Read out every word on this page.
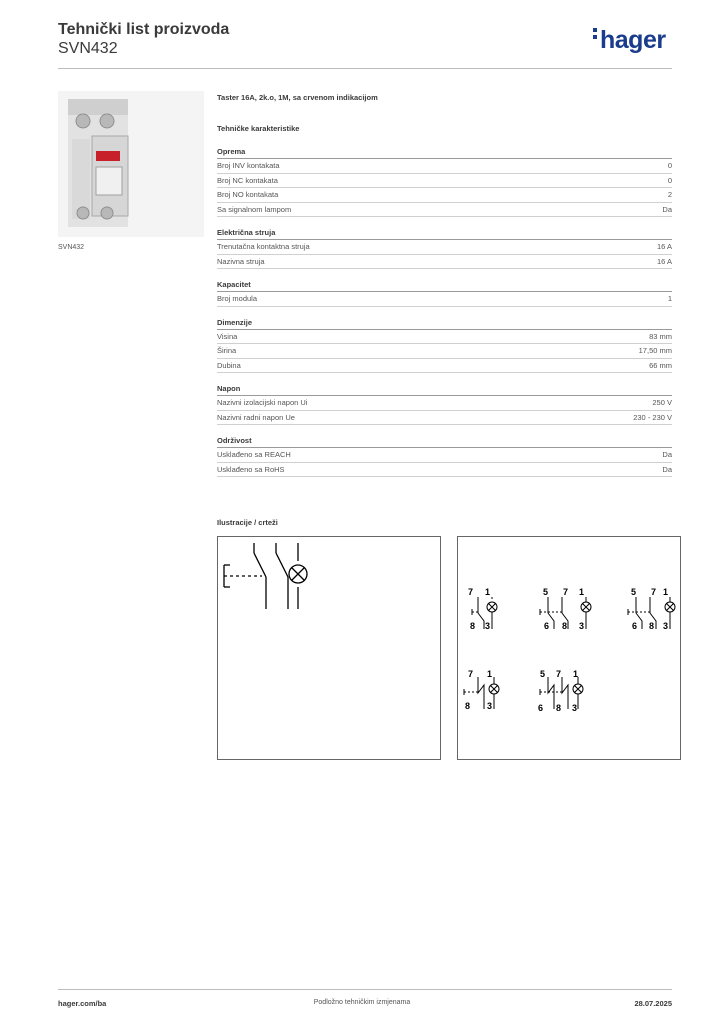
Tehnički list proizvoda
SVN432	hager
SVN432
Taster 16A, 2k.o, 1M, sa crvenom indikacijom
Tehničke karakteristike
Oprema
Broj INV kontakata	0
Broj NC kontakata	0
Broj NO kontakata	2
Sa signalnom lampom	Da
Električna struja
Trenutačna kontaktna struja	16 A
Nazivna struja	16 A
Kapacitet
Broj modula	1
Dimenzije
Visina	83 mm
Širina	17,50 mm
Dubina	66 mm
Napon
Nazivni izolacijski napon Ui	250 V
Nazivni radni napon Ue	230 - 230 V
Održivost
Usklađeno sa REACH	Da
Usklađeno sa RoHS	Da
Ilustracije / crteži
7 1
8 3
5 7 1
6 8 3
5 7 1
6 8 3
7 1
8 3
5 7 1
6 8 3
hager.com/ba	Podložno tehničkim izmjenama	28.07.2025
